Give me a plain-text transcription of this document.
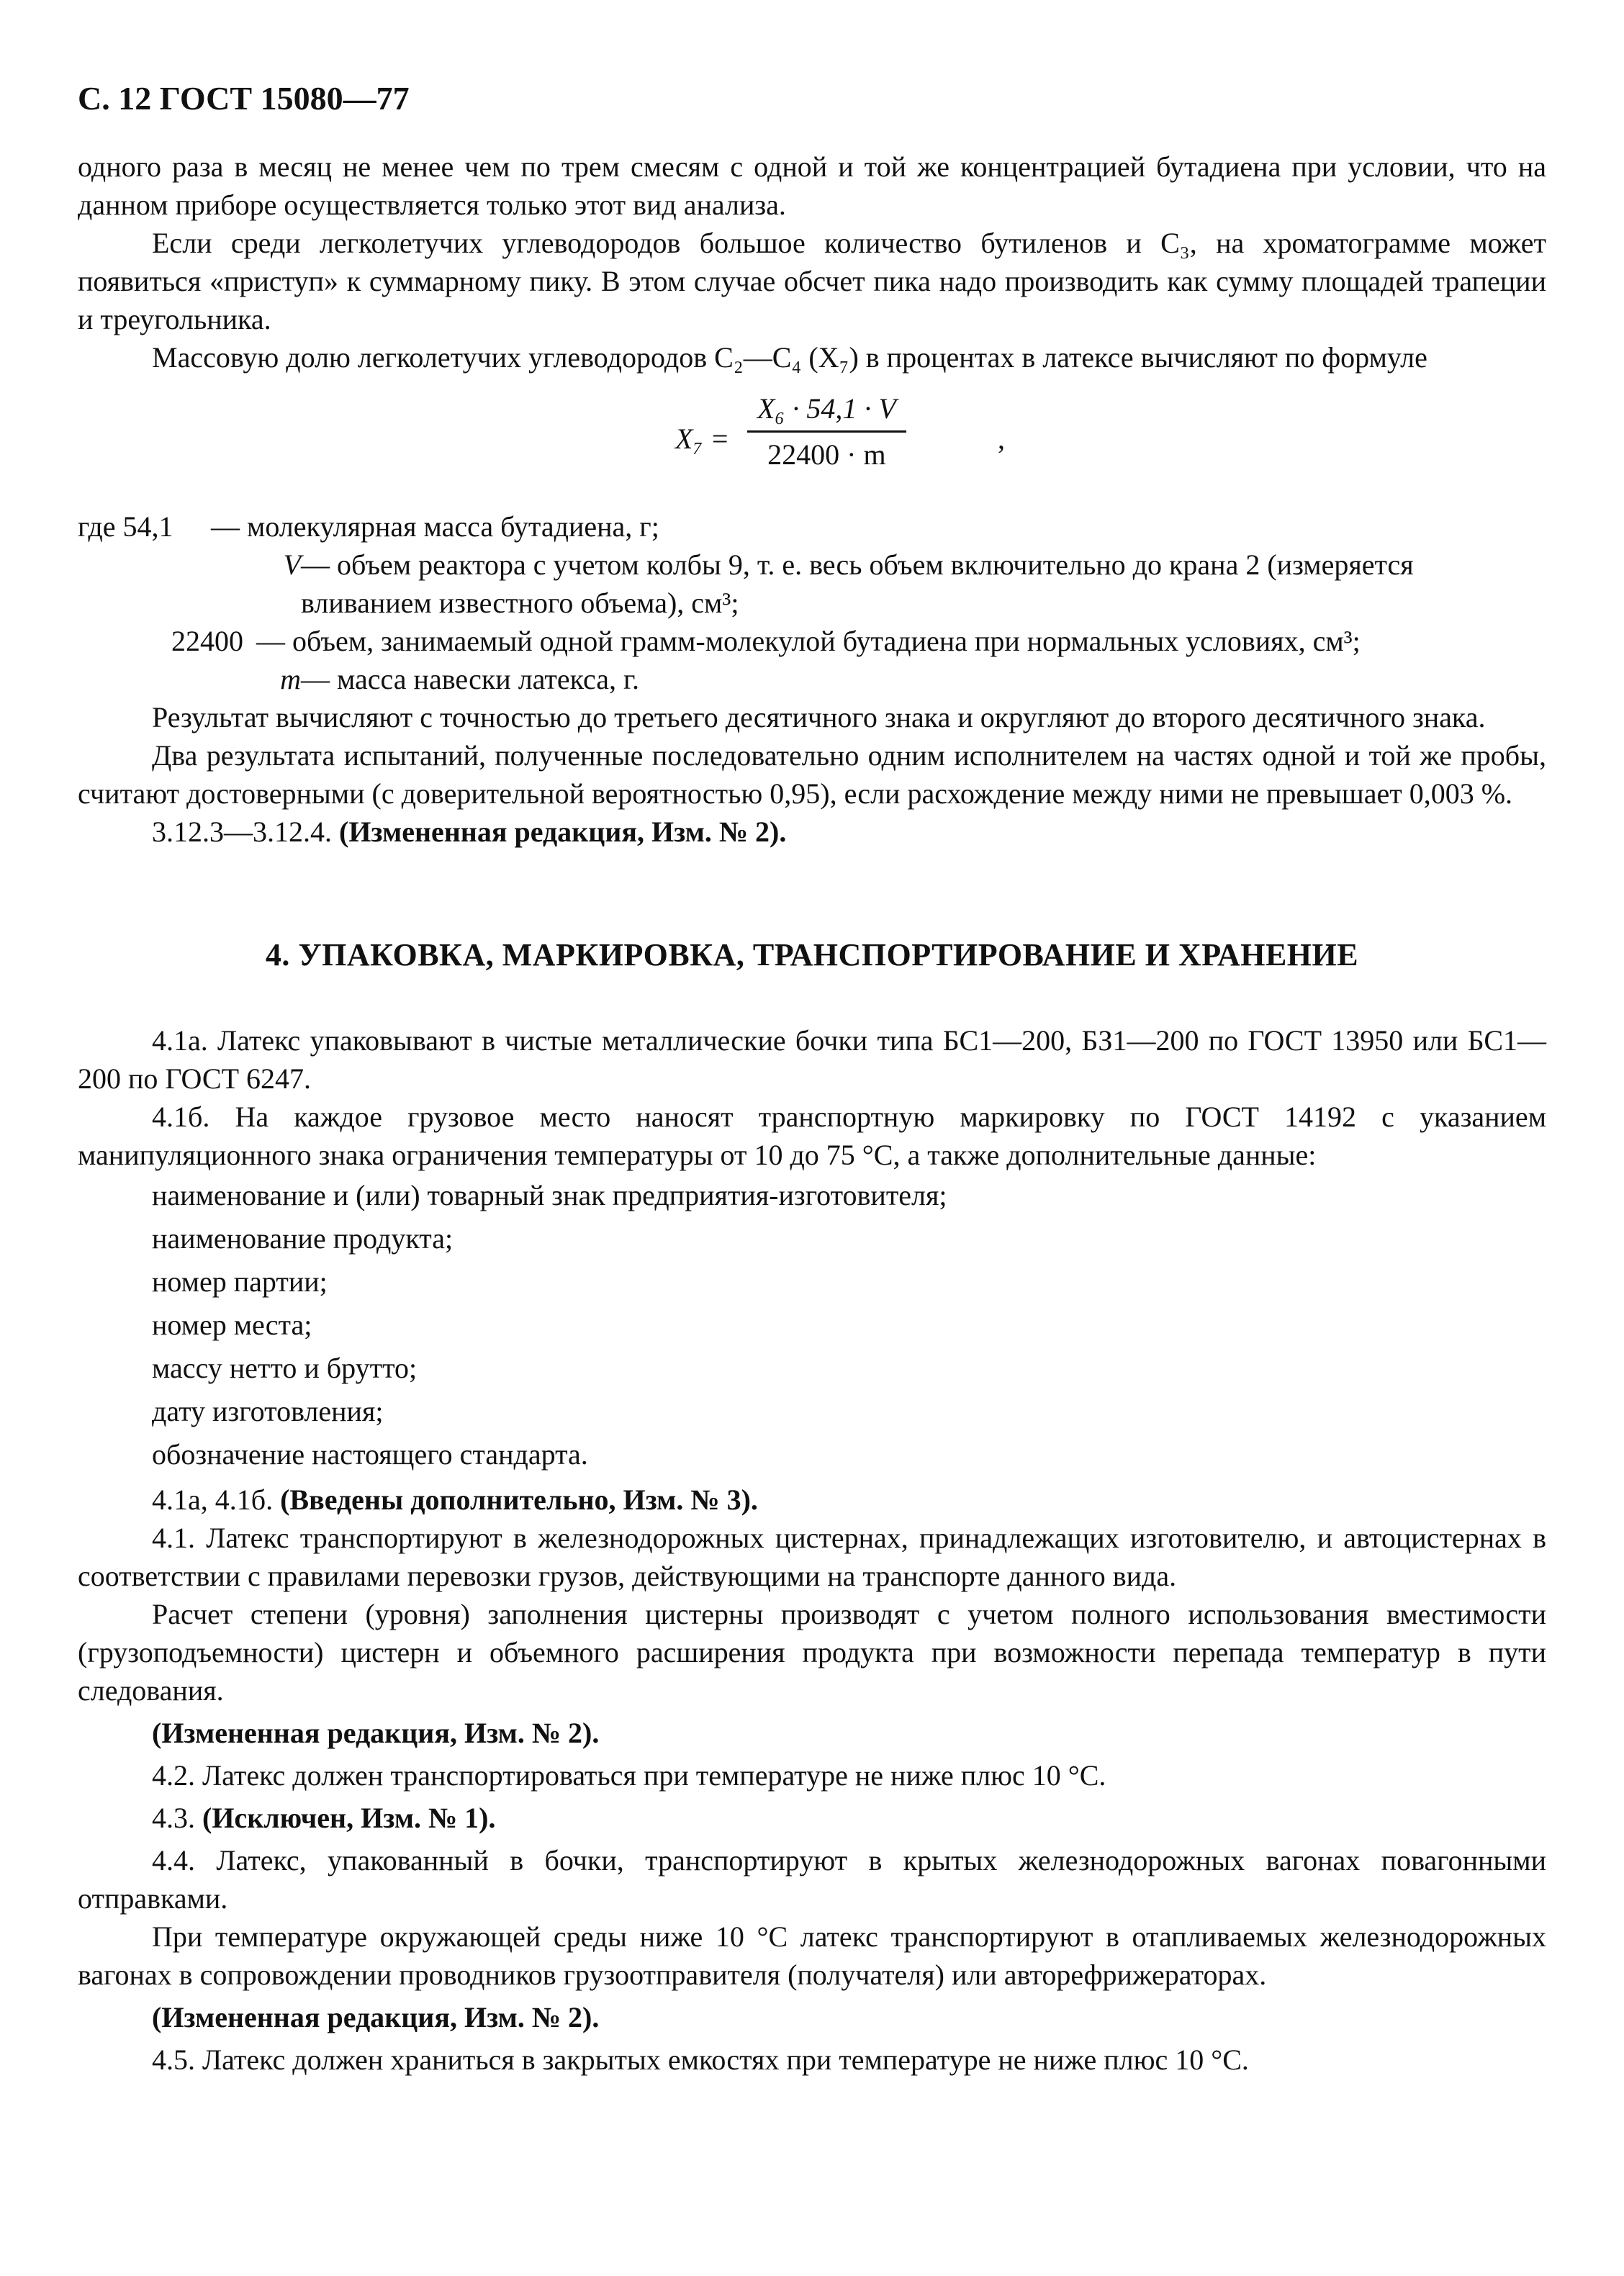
С. 12 ГОСТ 15080—77
одного раза в месяц не менее чем по трем смесям с одной и той же концентрацией бутадиена при условии, что на данном приборе осуществляется только этот вид анализа.
Если среди легколетучих углеводородов большое количество бутиленов и С₃, на хроматограмме может появиться «приступ» к суммарному пику. В этом случае обсчет пика надо производить как сумму площадей трапеции и треугольника.
Массовую долю легколетучих углеводородов С₂—С₄ (X₇) в процентах в латексе вычисляют по формуле
$X_7 = \frac{\text{X₆ · 54,1 · V}}{22400 \cdot m}$	,
где 54,1	— молекулярная масса бутадиена, г;
V — объем реактора с учетом колбы 9, т. е. весь объем включительно до крана 2 (измеряется вливанием известного объема), см³;
22400 — объем, занимаемый одной грамм-молекулой бутадиена при нормальных условиях, см³;
m — масса навески латекса, г.
Результат вычисляют с точностью до третьего десятичного знака и округляют до второго десятичного знака.
Два результата испытаний, полученные последовательно одним исполнителем на частях одной и той же пробы, считают достоверными (с доверительной вероятностью 0,95), если расхождение между ними не превышает 0,003 %.
3.12.3—3.12.4. (Измененная редакция, Изм. № 2).
4. УПАКОВКА, МАРКИРОВКА, ТРАНСПОРТИРОВАНИЕ И ХРАНЕНИЕ
4.1а. Латекс упаковывают в чистые металлические бочки типа БС1—200, БЗ1—200 по ГОСТ 13950 или БС1—200 по ГОСТ 6247.
4.1б. На каждое грузовое место наносят транспортную маркировку по ГОСТ 14192 с указанием манипуляционного знака ограничения температуры от 10 до 75 °С, а также дополнительные данные:
наименование и (или) товарный знак предприятия-изготовителя;
наименование продукта;
номер партии;
номер места;
массу нетто и брутто;
дату изготовления;
обозначение настоящего стандарта.
4.1а, 4.1б. (Введены дополнительно, Изм. № 3).
4.1. Латекс транспортируют в железнодорожных цистернах, принадлежащих изготовителю, и автоцистернах в соответствии с правилами перевозки грузов, действующими на транспорте данного вида.
Расчет степени (уровня) заполнения цистерны производят с учетом полного использования вместимости (грузоподъемности) цистерн и объемного расширения продукта при возможности перепада температур в пути следования.
(Измененная редакция, Изм. № 2).
4.2. Латекс должен транспортироваться при температуре не ниже плюс 10 °С.
4.3. (Исключен, Изм. № 1).
4.4. Латекс, упакованный в бочки, транспортируют в крытых железнодорожных вагонах повагонными отправками.
При температуре окружающей среды ниже 10 °С латекс транспортируют в отапливаемых железнодорожных вагонах в сопровождении проводников грузоотправителя (получателя) или авторефрижераторах.
(Измененная редакция, Изм. № 2).
4.5. Латекс должен храниться в закрытых емкостях при температуре не ниже плюс 10 °С.
